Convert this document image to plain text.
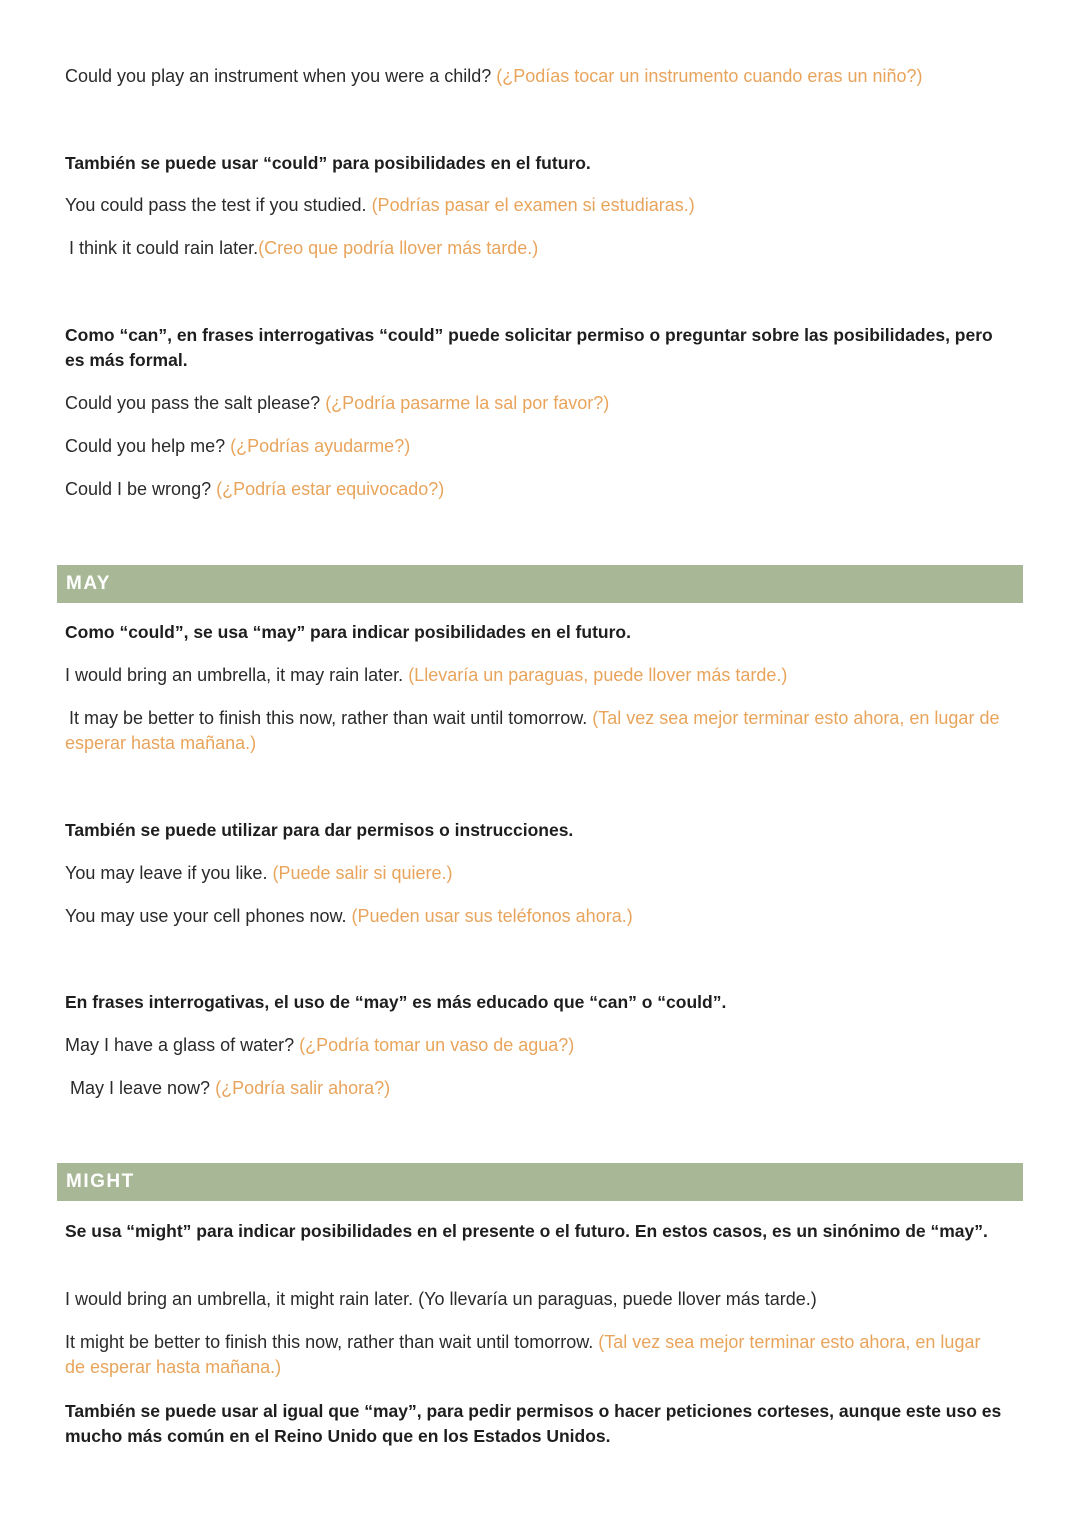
Could you play an instrument when you were a child? (¿Podías tocar un instrumento cuando eras un niño?)
También se puede usar “could” para posibilidades en el futuro.
You could pass the test if you studied. (Podrías pasar el examen si estudiaras.)
I think it could rain later.(Creo que podría llover más tarde.)
Como “can”, en frases interrogativas “could” puede solicitar permiso o preguntar sobre las posibilidades, pero es más formal.
Could you pass the salt please? (¿Podría pasarme la sal por favor?)
Could you help me? (¿Podrías ayudarme?)
Could I be wrong? (¿Podría estar equivocado?)
MAY
Como “could”, se usa “may” para indicar posibilidades en el futuro.
I would bring an umbrella, it may rain later. (Llevaría un paraguas, puede llover más tarde.)
It may be better to finish this now, rather than wait until tomorrow. (Tal vez sea mejor terminar esto ahora, en lugar de esperar hasta mañana.)
También se puede utilizar para dar permisos o instrucciones.
You may leave if you like. (Puede salir si quiere.)
You may use your cell phones now. (Pueden usar sus teléfonos ahora.)
En frases interrogativas, el uso de “may” es más educado que “can” o “could”.
May I have a glass of water? (¿Podría tomar un vaso de agua?)
May I leave now? (¿Podría salir ahora?)
MIGHT
Se usa “might” para indicar posibilidades en el presente o el futuro. En estos casos, es un sinónimo de “may”.
I would bring an umbrella, it might rain later. (Yo llevaría un paraguas, puede llover más tarde.)
It might be better to finish this now, rather than wait until tomorrow. (Tal vez sea mejor terminar esto ahora, en lugar de esperar hasta mañana.)
También se puede usar al igual que “may”, para pedir permisos o hacer peticiones corteses, aunque este uso es mucho más común en el Reino Unido que en los Estados Unidos.
